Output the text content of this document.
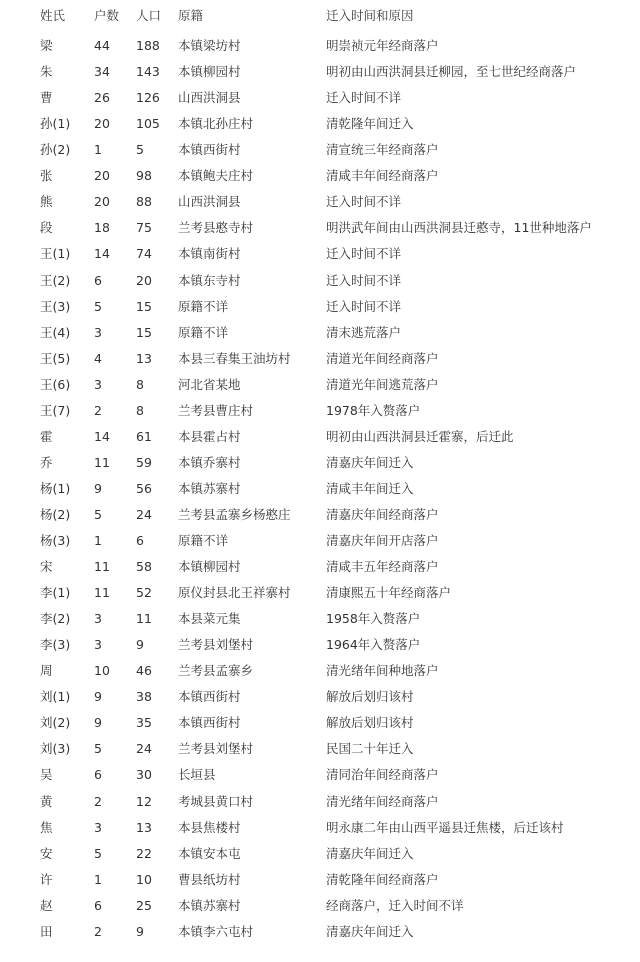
姓氏 户数 人口 原籍	迁入时间和原因
梁	44 188 本镇梁坊村	明崇祯元年经商落户
朱	34 143 本镇柳园村	明初由山西洪洞县迁柳园，至七世纪经商落户
曹	26 126 山西洪洞县	迁入时间不详
孙(1) 20 105 本镇北孙庄村	清乾隆年间迁入
孙(2) 1	5	本镇西街村	清宣统三年经商落户
张	20 98 本镇鲍夫庄村	清咸丰年间经商落户
熊	20 88 山西洪洞县	迁入时间不详
段	18 75 兰考县憨寺村	明洪武年间由山西洪洞县迁憨寺，11世种地落户
王(1) 14 74 本镇南街村	迁入时间不详
王(2) 6	20 本镇东寺村	迁入时间不详
王(3) 5	15 原籍不详	迁入时间不详
王(4) 3	15 原籍不详	清末逃荒落户
王(5) 4	13 本县三春集王油坊村	清道光年间经商落户
王(6) 3	8	河北省某地	清道光年间逃荒落户
王(7) 2	8	兰考县曹庄村	1978年入赘落户
霍	14 61 本县霍占村	明初由山西洪洞县迁霍寨，后迁此
乔	11 59 本镇乔寨村	清嘉庆年间迁入
杨(1) 9	56 本镇苏寨村	清咸丰年间迁入
杨(2) 5	24 兰考县孟寨乡杨憨庄	清嘉庆年间经商落户
杨(3) 1	6	原籍不详	清嘉庆年间开店落户
宋	11 58 本镇柳园村	清咸丰五年经商落户
李(1) 11 52 原仪封县北王祥寨村	清康熙五十年经商落户
李(2) 3	11 本县菜元集	1958年入赘落户
李(3) 3	9	兰考县刘堡村	1964年入赘落户
周	10 46 兰考县孟寨乡	清光绪年间种地落户
刘(1) 9	38 本镇西街村	解放后划归该村
刘(2) 9	35 本镇西街村	解放后划归该村
刘(3) 5	24 兰考县刘堡村	民国二十年迁入
吴	6	30 长垣县	清同治年间经商落户
黄	2	12 考城县黄口村	清光绪年间经商落户
焦	3	13 本县焦楼村	明永康二年由山西平遥县迁焦楼，后迁该村
安	5	22 本镇安本屯	清嘉庆年间迁入
许	1	10 曹县纸坊村	清乾隆年间经商落户
赵	6	25 本镇苏寨村	经商落户，迁入时间不详
田	2	9	本镇李六屯村	清嘉庆年间迁入
